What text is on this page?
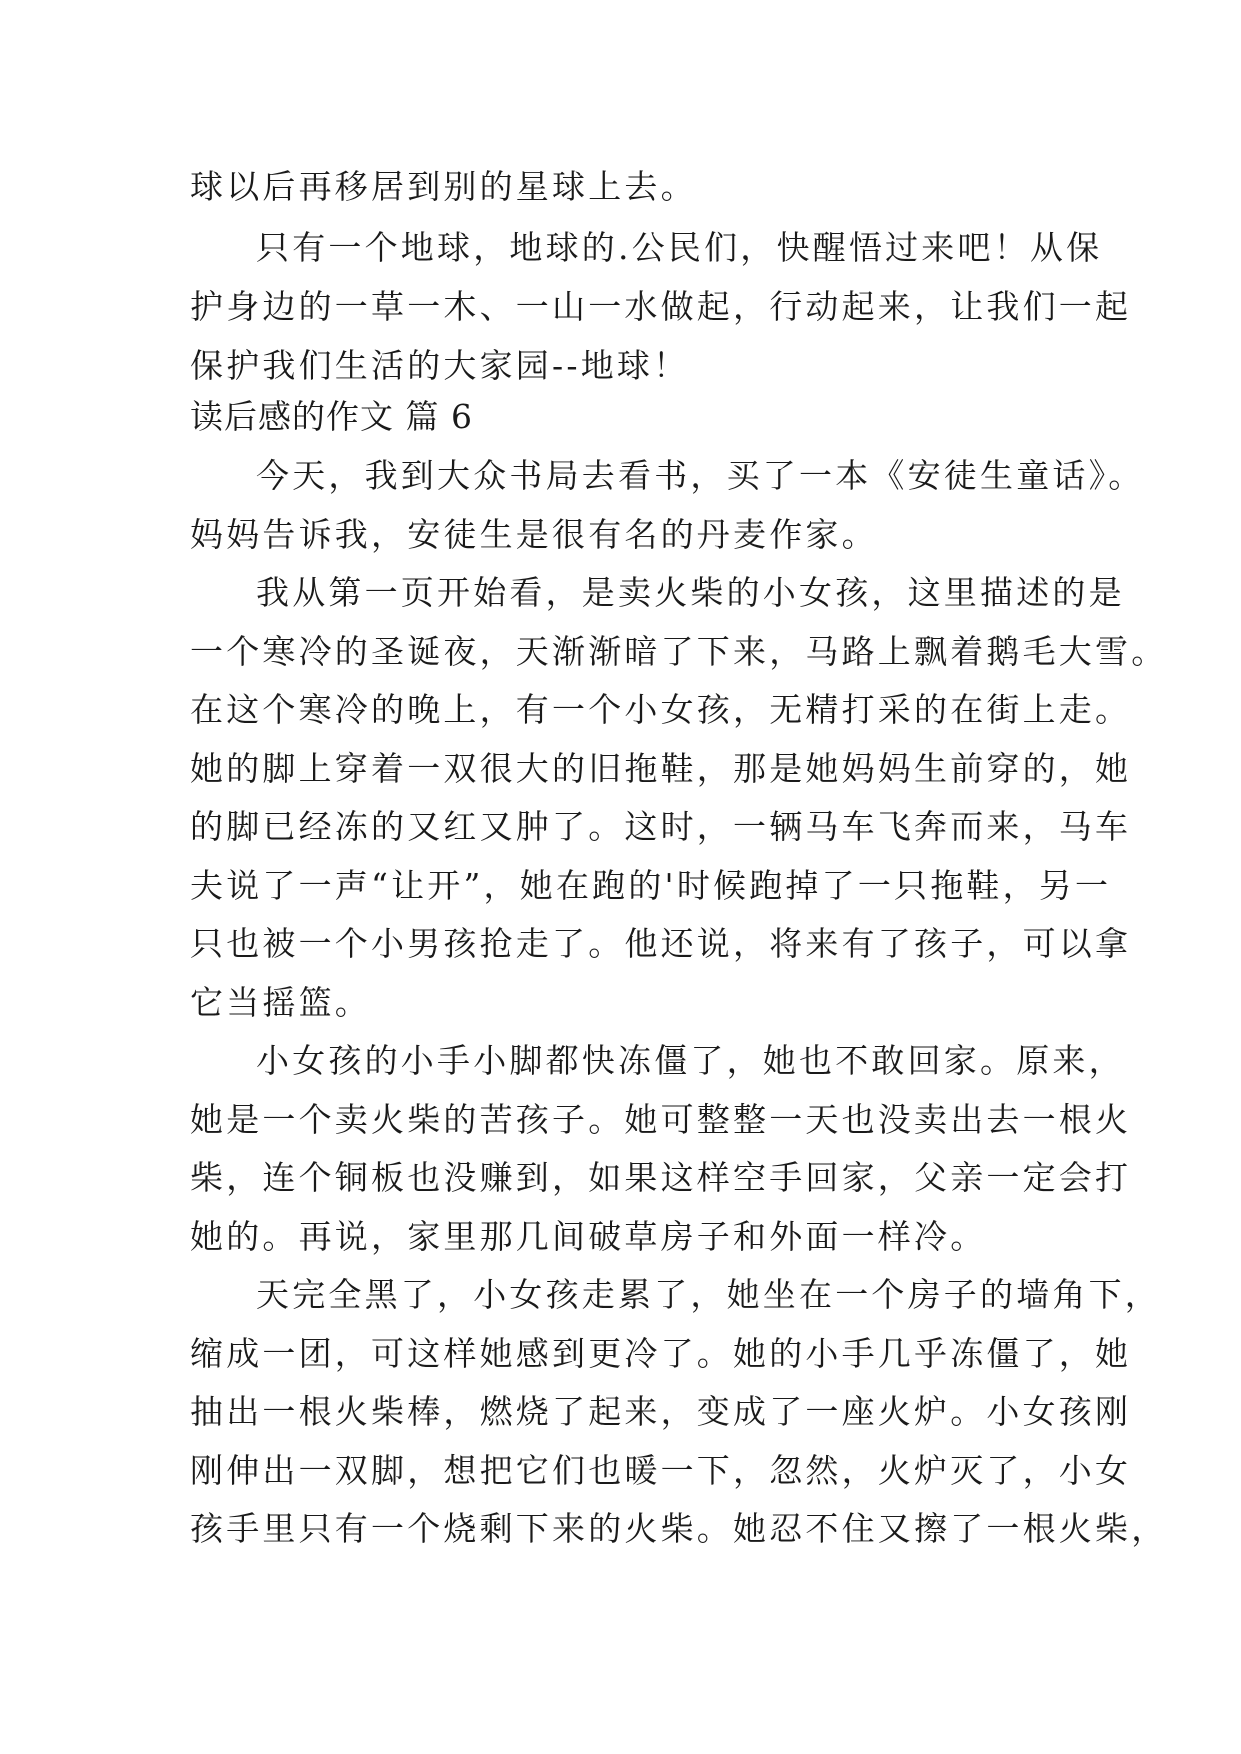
球以后再移居到别的星球上去。
只有一个地球，地球的.公民们，快醒悟过来吧！从保
护身边的一草一木、一山一水做起，行动起来，让我们一起
保护我们生活的大家园--地球！
读后感的作文 篇 6
今天，我到大众书局去看书，买了一本《安徒生童话》。
妈妈告诉我，安徒生是很有名的丹麦作家。
我从第一页开始看，是卖火柴的小女孩，这里描述的是
一个寒冷的圣诞夜，天渐渐暗了下来，马路上飘着鹅毛大雪。
在这个寒冷的晚上，有一个小女孩，无精打采的在街上走。
她的脚上穿着一双很大的旧拖鞋，那是她妈妈生前穿的，她
的脚已经冻的又红又肿了。这时，一辆马车飞奔而来，马车
夫说了一声“让开”，她在跑的'时候跑掉了一只拖鞋，另一
只也被一个小男孩抢走了。他还说，将来有了孩子，可以拿
它当摇篮。
小女孩的小手小脚都快冻僵了，她也不敢回家。原来，
她是一个卖火柴的苦孩子。她可整整一天也没卖出去一根火
柴，连个铜板也没赚到，如果这样空手回家，父亲一定会打
她的。再说，家里那几间破草房子和外面一样冷。
天完全黑了，小女孩走累了，她坐在一个房子的墙角下，
缩成一团，可这样她感到更冷了。她的小手几乎冻僵了，她
抽出一根火柴棒，燃烧了起来，变成了一座火炉。小女孩刚
刚伸出一双脚，想把它们也暖一下，忽然，火炉灭了，小女
孩手里只有一个烧剩下来的火柴。她忍不住又擦了一根火柴，
